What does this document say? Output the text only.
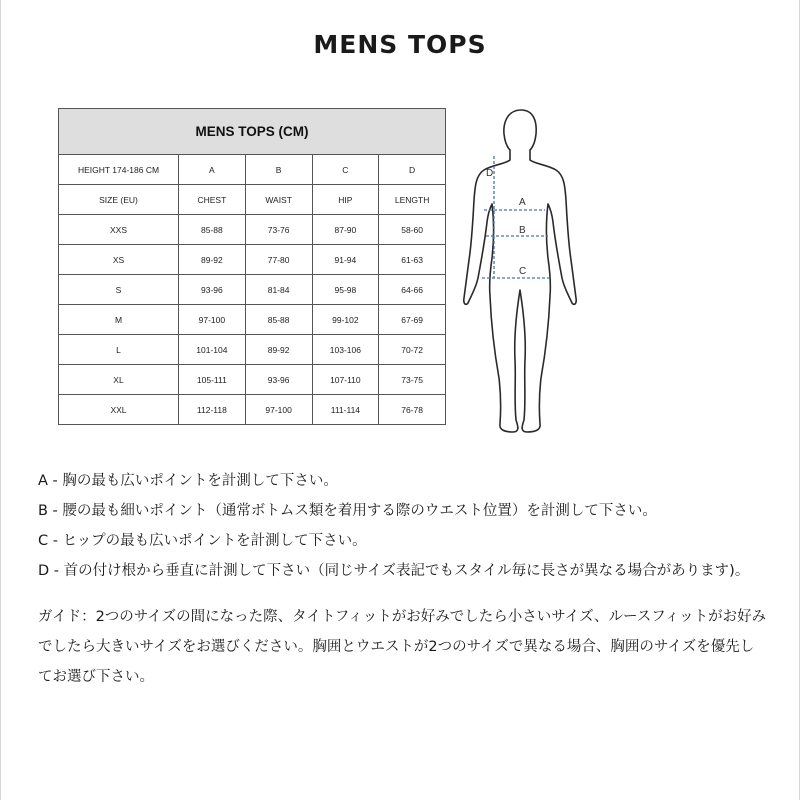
MENS TOPS
MENS TOPS (CM)				
HEIGHT 174-186 CM	A	B	C	D
SIZE (EU)	CHEST	WAIST	HIP	LENGTH
XXS	85-88	73-76	87-90	58-60
XS	89-92	77-80	91-94	61-63
S	93-96	81-84	95-98	64-66
M	97-100	85-88	99-102	67-69
L	101-104	89-92	103-106	70-72
XL	105-111	93-96	107-110	73-75
XXL	112-118	97-100	111-114	76-78
A
B
C
D

A - 胸の最も広いポイントを計測して下さい。

B - 腰の最も細いポイント（通常ボトムス類を着用する際のウエスト位置）を計測して下さい。

C - ヒップの最も広いポイントを計測して下さい。

D - 首の付け根から垂直に計測して下さい（同じサイズ表記でもスタイル毎に長さが異なる場合があります)。

ガイド：2つのサイズの間になった際、タイトフィットがお好みでしたら小さいサイズ、ルースフィットがお好みでしたら大きいサイズをお選びください。胸囲とウエストが2つのサイズで異なる場合、胸囲のサイズを優先してお選び下さい。
